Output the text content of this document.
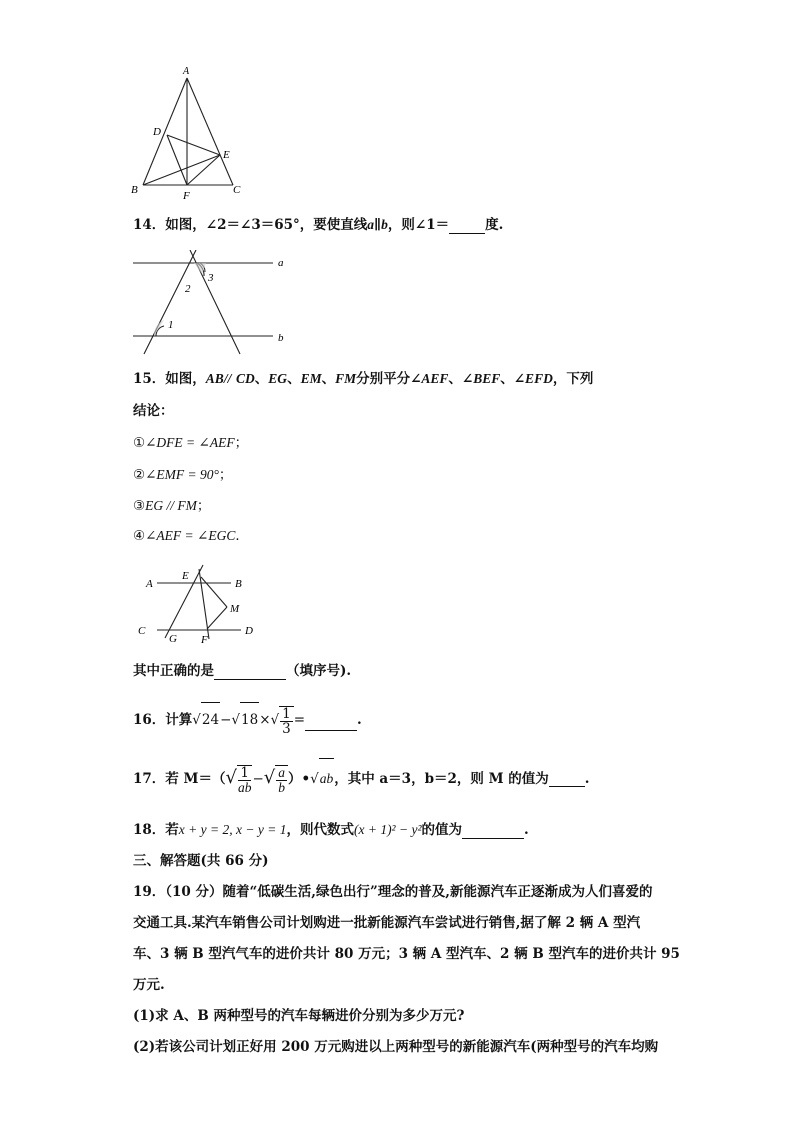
A
D
E
B	F	C
14．如图，∠2＝∠3＝65°，要使直线a∥b，则∠1＝	度.
a
b
3
2
1
15．如图，AB// CD、EG、EM、FM分别平分∠AEF、∠BEF、∠EFD，下列
结论：
①∠DFE = ∠AEF；
②∠EMF = 90°；
③EG // FM；
④∠AEF = ∠EGC．
A
E
B
M
C
G F
D
其中正确的是	（填序号).
16．计算$√24-√18\times√ \frac{1}{3}$ =	.
17．若 $M=(√ \frac{1}{ab}$ −√ $\frac{a}{b}$ ）•√ab，其中 a＝3，b＝2，则 M 的值为	.
18．若x + y = 2, x − y = 1，则代数式(x + 1)² − y²的值为	.
三、解答题(共 66 分)
19．（10 分）随着“低碳生活,绿色出行”理念的普及,新能源汽车正逐渐成为人们喜爱的
交通工具.某汽车销售公司计划购进一批新能源汽车尝试进行销售,据了解 2 辆 A 型汽
车、3 辆 B 型汽气车的进价共计 80 万元；3 辆 A 型汽车、2 辆 B 型汽车的进价共计 95
万元.
(1)求 A、B 两种型号的汽车每辆进价分别为多少万元?
(2)若该公司计划正好用 200 万元购进以上两种型号的新能源汽车(两种型号的汽车均购
